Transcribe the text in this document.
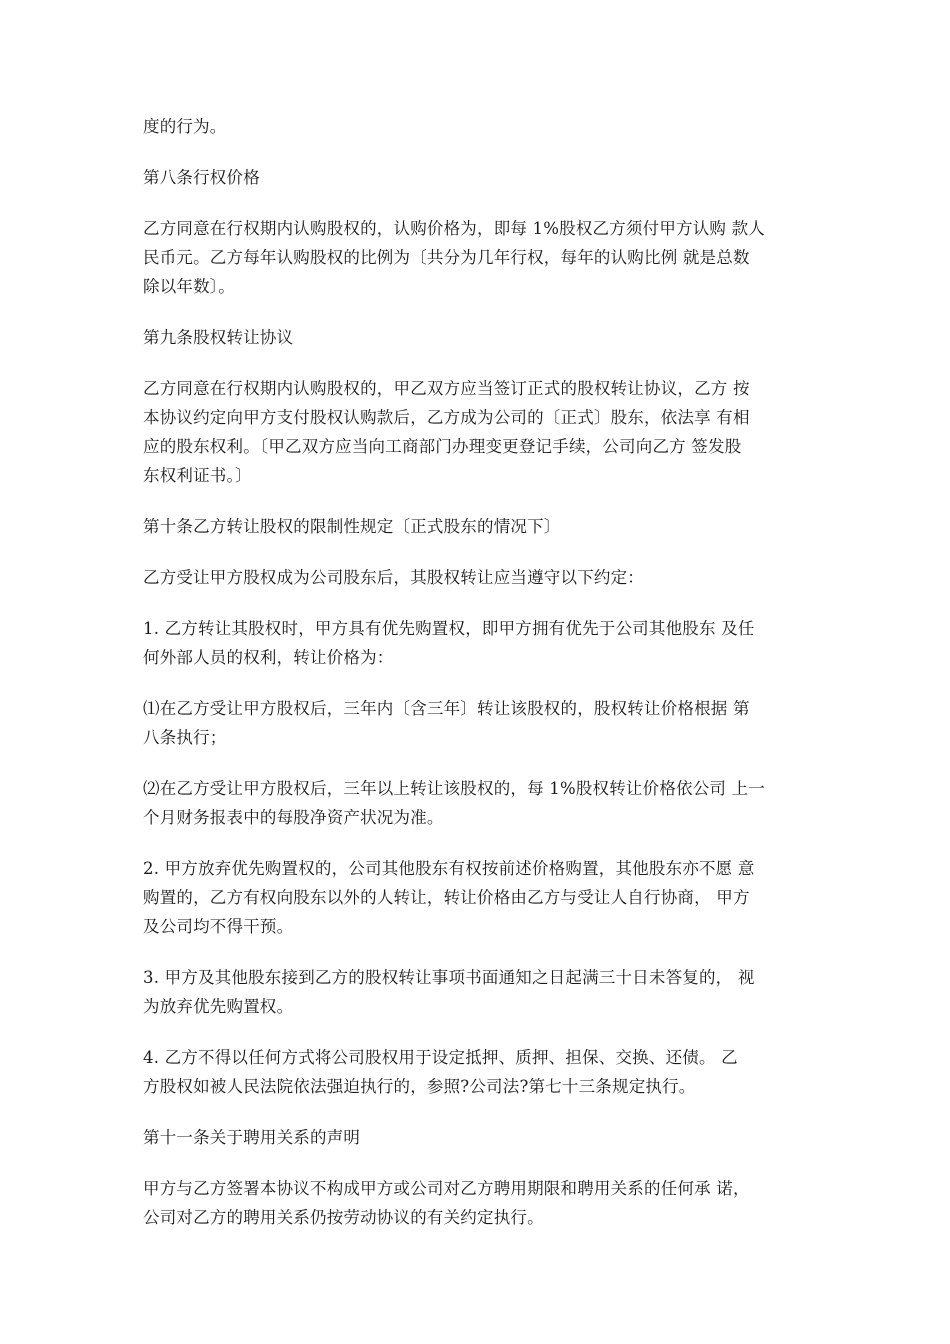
度的行为。
第八条行权价格
乙方同意在行权期内认购股权的，认购价格为，即每 1%股权乙方须付甲方认购 款人
民币元。乙方每年认购股权的比例为〔共分为几年行权，每年的认购比例 就是总数
除以年数〕。
第九条股权转让协议
乙方同意在行权期内认购股权的，甲乙双方应当签订正式的股权转让协议，乙方 按
本协议约定向甲方支付股权认购款后，乙方成为公司的〔正式〕股东，依法享 有相
应的股东权利。〔甲乙双方应当向工商部门办理变更登记手续，公司向乙方 签发股
东权利证书。〕
第十条乙方转让股权的限制性规定〔正式股东的情况下〕
乙方受让甲方股权成为公司股东后，其股权转让应当遵守以下约定：
1. 乙方转让其股权时，甲方具有优先购置权，即甲方拥有优先于公司其他股东 及任
何外部人员的权利，转让价格为：
⑴在乙方受让甲方股权后，三年内〔含三年〕转让该股权的，股权转让价格根据 第
八条执行；
⑵在乙方受让甲方股权后，三年以上转让该股权的，每 1%股权转让价格依公司 上一
个月财务报表中的每股净资产状况为准。
2. 甲方放弃优先购置权的，公司其他股东有权按前述价格购置，其他股东亦不愿 意
购置的，乙方有权向股东以外的人转让，转让价格由乙方与受让人自行协商， 甲方
及公司均不得干预。
3. 甲方及其他股东接到乙方的股权转让事项书面通知之日起满三十日未答复的， 视
为放弃优先购置权。
4. 乙方不得以任何方式将公司股权用于设定抵押、质押、担保、交换、还债。 乙
方股权如被人民法院依法强迫执行的，参照?公司法?第七十三条规定执行。
第十一条关于聘用关系的声明
甲方与乙方签署本协议不构成甲方或公司对乙方聘用期限和聘用关系的任何承 诺，
公司对乙方的聘用关系仍按劳动协议的有关约定执行。
